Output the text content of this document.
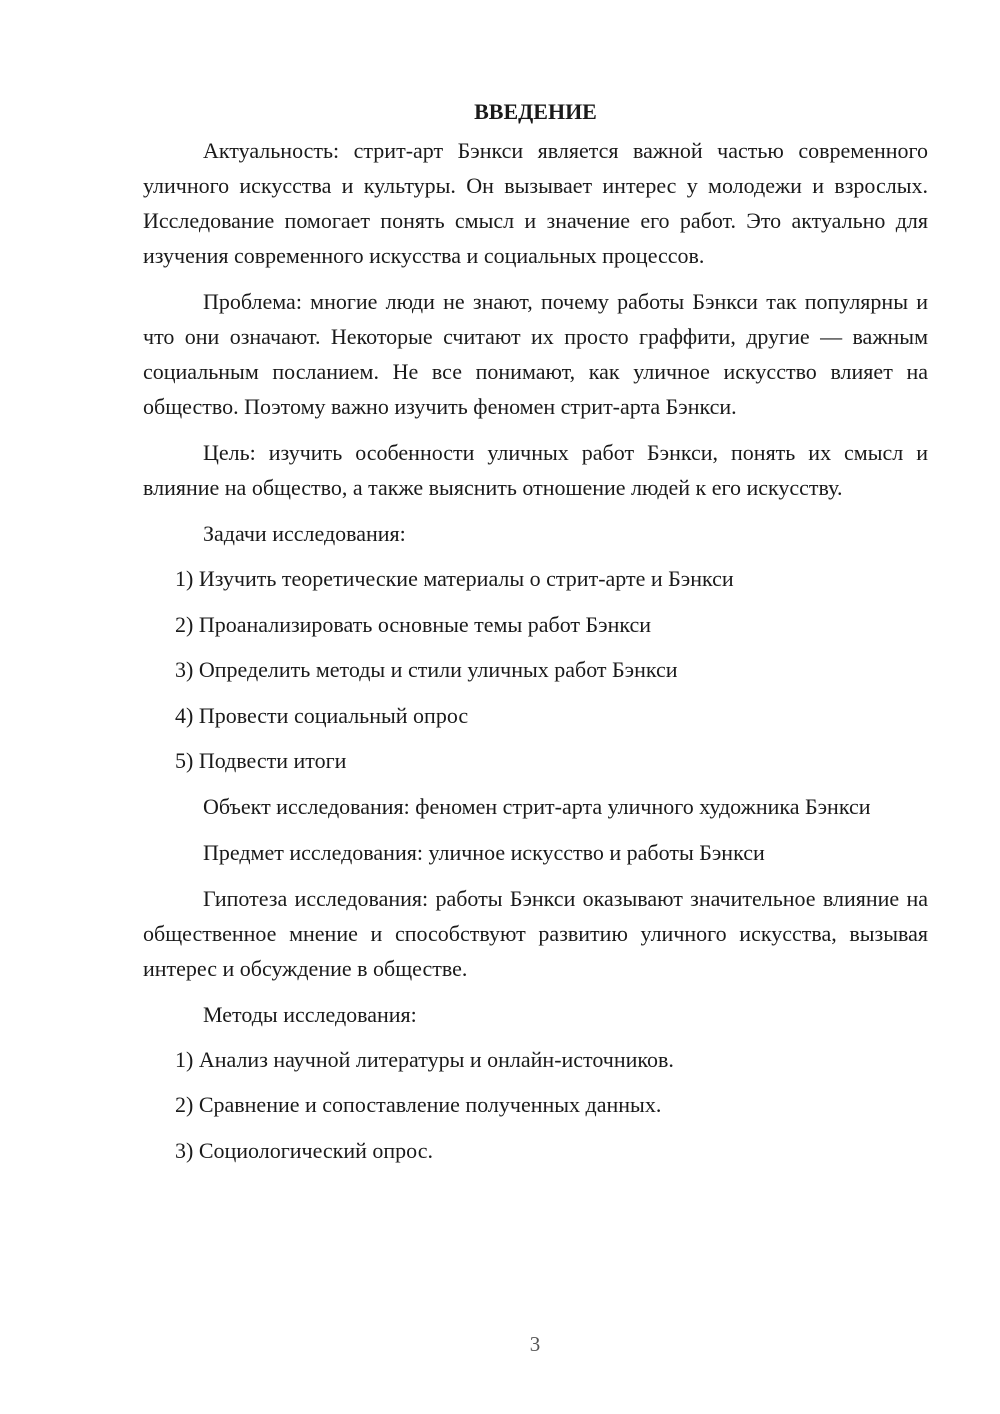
ВВЕДЕНИЕ

Актуальность: стрит-арт Бэнкси является важной частью современного уличного искусства и культуры. Он вызывает интерес у молодежи и взрослых. Исследование помогает понять смысл и значение его работ. Это актуально для изучения современного искусства и социальных процессов.

Проблема: многие люди не знают, почему работы Бэнкси так популярны и что они означают. Некоторые считают их просто граффити, другие — важным социальным посланием. Не все понимают, как уличное искусство влияет на общество. Поэтому важно изучить феномен стрит-арта Бэнкси.

Цель: изучить особенности уличных работ Бэнкси, понять их смысл и влияние на общество, а также выяснить отношение людей к его искусству.

Задачи исследования:
1) Изучить теоретические материалы о стрит-арте и Бэнкси
2) Проанализировать основные темы работ Бэнкси
3) Определить методы и стили уличных работ Бэнкси
4) Провести социальный опрос
5) Подвести итоги

Объект исследования: феномен стрит-арта уличного художника Бэнкси

Предмет исследования: уличное искусство и работы Бэнкси

Гипотеза исследования: работы Бэнкси оказывают значительное влияние на общественное мнение и способствуют развитию уличного искусства, вызывая интерес и обсуждение в обществе.

Методы исследования:
1) Анализ научной литературы и онлайн-источников.
2) Сравнение и сопоставление полученных данных.
3) Социологический опрос.
3
